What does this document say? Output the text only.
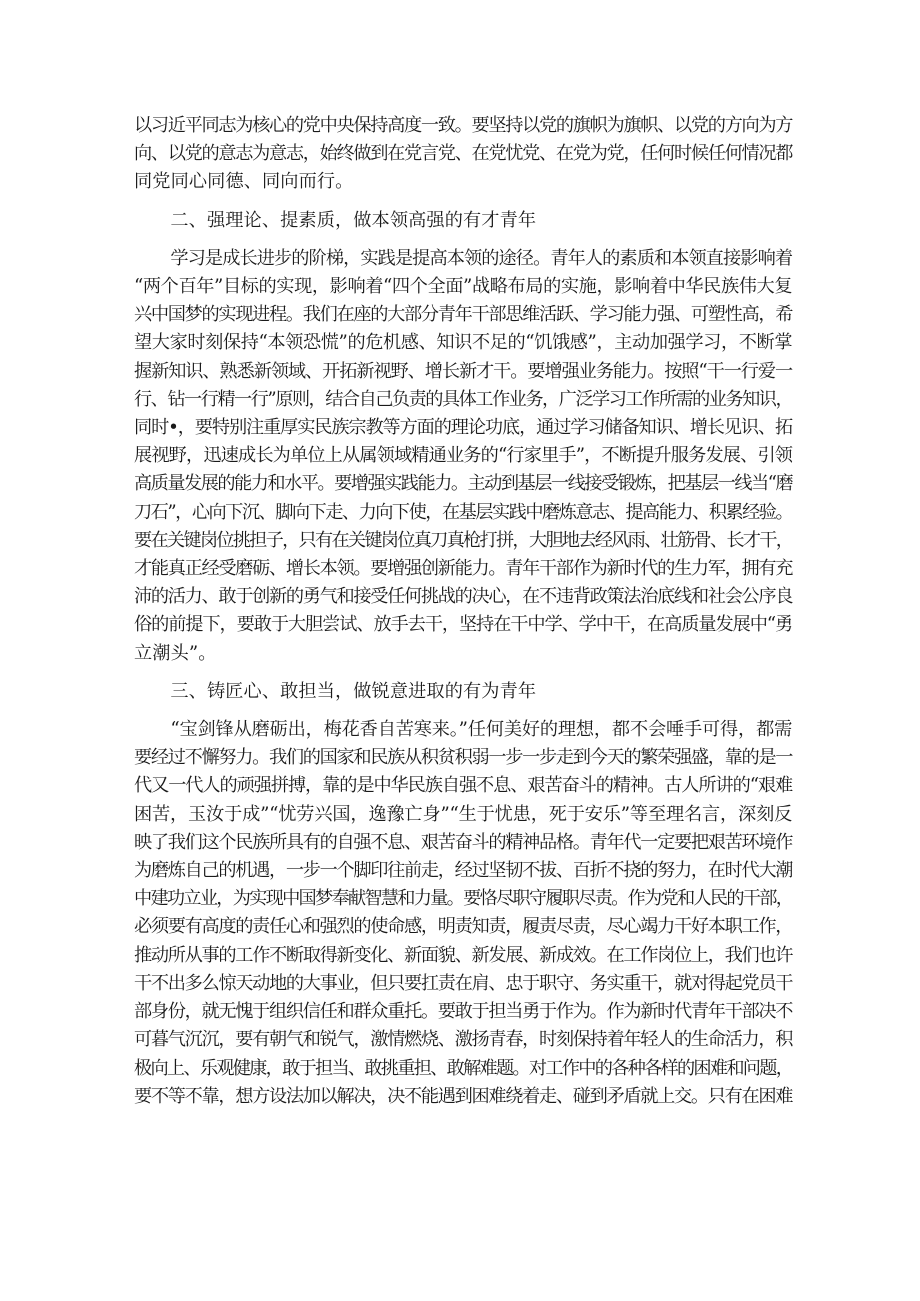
以习近平同志为核心的党中央保持高度一致。要坚持以党的旗帜为旗帜、以党的方向为方
向、以党的意志为意志，始终做到在党言党、在党忧党、在党为党，任何时候任何情况都
同党同心同德、同向而行。
二、强理论、提素质，做本领高强的有才青年
学习是成长进步的阶梯，实践是提高本领的途径。青年人的素质和本领直接影响着
“两个百年”目标的实现，影响着“四个全面”战略布局的实施，影响着中华民族伟大复
兴中国梦的实现进程。我们在座的大部分青年干部思维活跃、学习能力强、可塑性高，希
望大家时刻保持“本领恐慌”的危机感、知识不足的“饥饿感”，主动加强学习，不断掌
握新知识、熟悉新领域、开拓新视野、增长新才干。要增强业务能力。按照“干一行爱一
行、钻一行精一行”原则，结合自己负责的具体工作业务，广泛学习工作所需的业务知识，
同时•，要特别注重厚实民族宗教等方面的理论功底，通过学习储备知识、增长见识、拓
展视野，迅速成长为单位上从属领域精通业务的“行家里手”，不断提升服务发展、引领
高质量发展的能力和水平。要增强实践能力。主动到基层一线接受锻炼，把基层一线当“磨
刀石”，心向下沉、脚向下走、力向下使，在基层实践中磨炼意志、提高能力、积累经验。
要在关键岗位挑担子，只有在关键岗位真刀真枪打拼，大胆地去经风雨、壮筋骨、长才干，
才能真正经受磨砺、增长本领。要增强创新能力。青年干部作为新时代的生力军，拥有充
沛的活力、敢于创新的勇气和接受任何挑战的决心，在不违背政策法治底线和社会公序良
俗的前提下，要敢于大胆尝试、放手去干，坚持在干中学、学中干，在高质量发展中“勇
立潮头”。
三、铸匠心、敢担当，做锐意进取的有为青年
“宝剑锋从磨砺出，梅花香自苦寒来。”任何美好的理想，都不会唾手可得，都需
要经过不懈努力。我们的国家和民族从积贫积弱一步一步走到今天的繁荣强盛，靠的是一
代又一代人的顽强拼搏，靠的是中华民族自强不息、艰苦奋斗的精神。古人所讲的“艰难
困苦，玉汝于成”“忧劳兴国，逸豫亡身”“生于忧患，死于安乐”等至理名言，深刻反
映了我们这个民族所具有的自强不息、艰苦奋斗的精神品格。青年代一定要把艰苦环境作
为磨炼自己的机遇，一步一个脚印往前走，经过坚韧不拔、百折不挠的努力，在时代大潮
中建功立业，为实现中国梦奉献智慧和力量。要恪尽职守履职尽责。作为党和人民的干部，
必须要有高度的责任心和强烈的使命感，明责知责，履责尽责，尽心竭力干好本职工作，
推动所从事的工作不断取得新变化、新面貌、新发展、新成效。在工作岗位上，我们也许
干不出多么惊天动地的大事业，但只要扛责在肩、忠于职守、务实重干，就对得起党员干
部身份，就无愧于组织信任和群众重托。要敢于担当勇于作为。作为新时代青年干部决不
可暮气沉沉，要有朝气和锐气，激情燃烧、激扬青春，时刻保持着年轻人的生命活力，积
极向上、乐观健康，敢于担当、敢挑重担、敢解难题。对工作中的各种各样的困难和问题，
要不等不靠，想方设法加以解决，决不能遇到困难绕着走、碰到矛盾就上交。只有在困难
